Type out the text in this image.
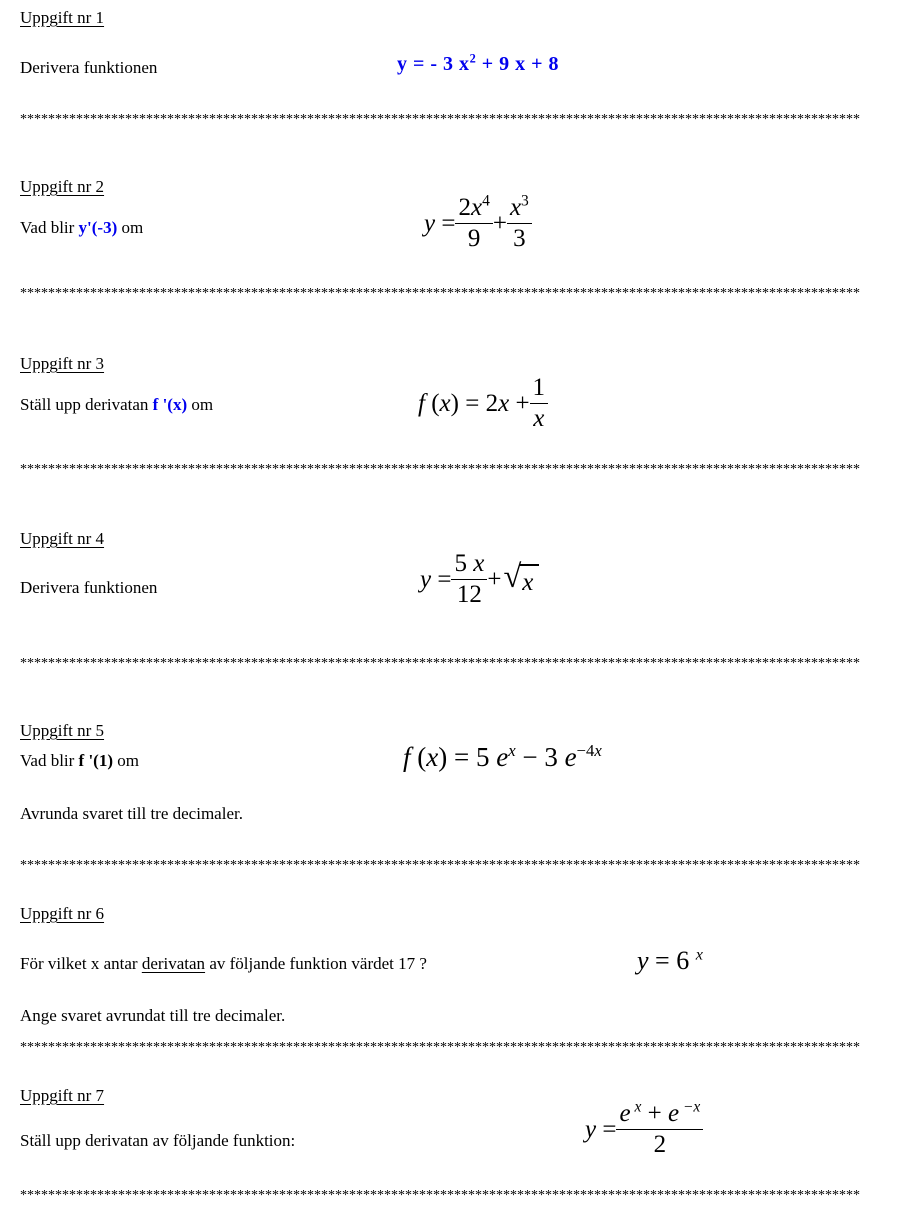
Uppgift nr 1
Derivera funktionen	y = - 3 $x^2 + 9$ x + 8
************************************************************************************************************************
Uppgift nr 2
Vad blir y'(-3) om	$y = \frac{2x^4}{9} + \frac{x^3}{3}$
************************************************************************************************************************
Uppgift nr 3
Ställ upp derivatan f '(x) om	f $(x) = 2x + \frac{1}{x}$
************************************************************************************************************************
Uppgift nr 4
Derivera funktionen	$y = \frac{5 x}{12}$ + √ x
************************************************************************************************************************
Uppgift nr 5
Vad blir f '(1) om	f (x) = 5 $e^x - 3$ $e^{-4x}$
Avrunda svaret till tre decimaler.
************************************************************************************************************************
Uppgift nr 6
För vilket x antar derivatan av följande funktion värdet 17 ?	y = 6 $^x$
Ange svaret avrundat till tre decimaler.
************************************************************************************************************************
Uppgift nr 7
Ställ upp derivatan av följande funktion:	$y = \frac{e ^x + e ^{-x}}{2}$
************************************************************************************************************************
